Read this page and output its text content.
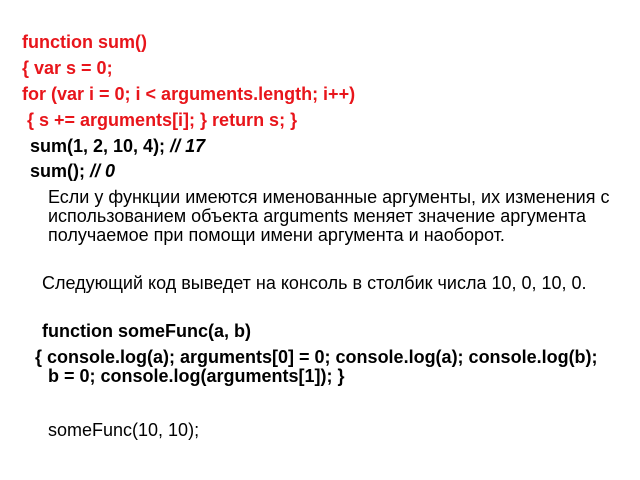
function sum()
{ var s = 0;
for (var i = 0; i < arguments.length; i++)
{ s += arguments[i]; } return s; }
sum(1, 2, 10, 4); // 17
sum(); // 0
Если у функции имеются именованные аргументы, их изменения с использованием объекта arguments меняет значение аргумента получаемое при помощи имени аргумента и наоборот.
Следующий код выведет на консоль в столбик числа 10, 0, 10, 0.
function someFunc(a, b)
{ console.log(a); arguments[0] = 0; console.log(a); console.log(b); b = 0; console.log(arguments[1]); }
someFunc(10, 10);
